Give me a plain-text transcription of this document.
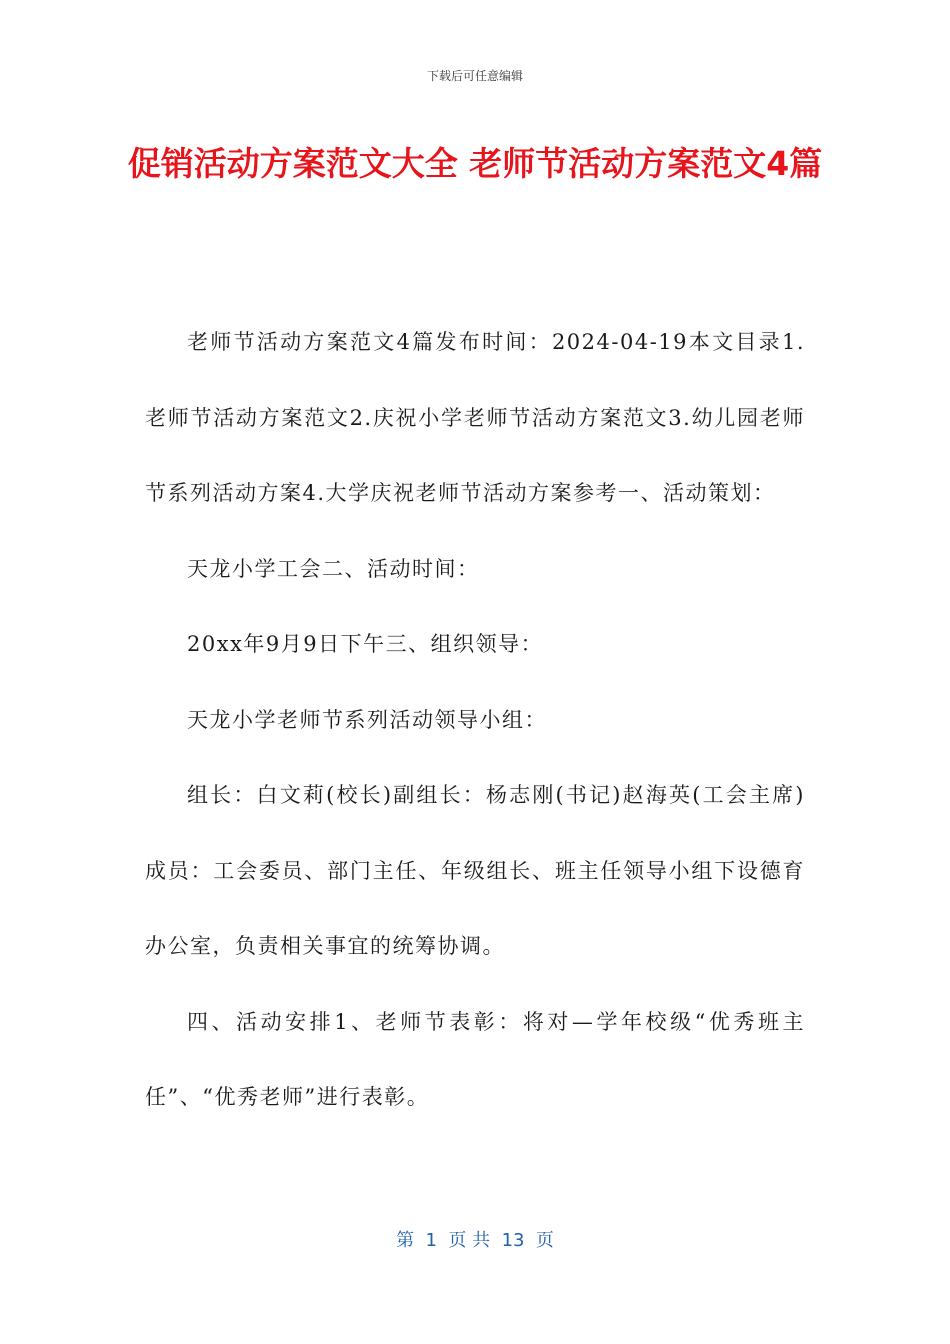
下载后可任意编辑
促销活动方案范文大全 老师节活动方案范文4篇

老师节活动方案范文4篇发布时间：2024-04-19本文目录1.老师节活动方案范文2.庆祝小学老师节活动方案范文3.幼儿园老师节系列活动方案4.大学庆祝老师节活动方案参考一、活动策划：

天龙小学工会二、活动时间：

20xx年9月9日下午三、组织领导：

天龙小学老师节系列活动领导小组：

组长：白文莉(校长)副组长：杨志刚(书记)赵海英(工会主席)成员：工会委员、部门主任、年级组长、班主任领导小组下设德育办公室，负责相关事宜的统筹协调。

四、活动安排1、老师节表彰：将对—学年校级“优秀班主任”、“优秀老师”进行表彰。

第  1  页 共  13  页
